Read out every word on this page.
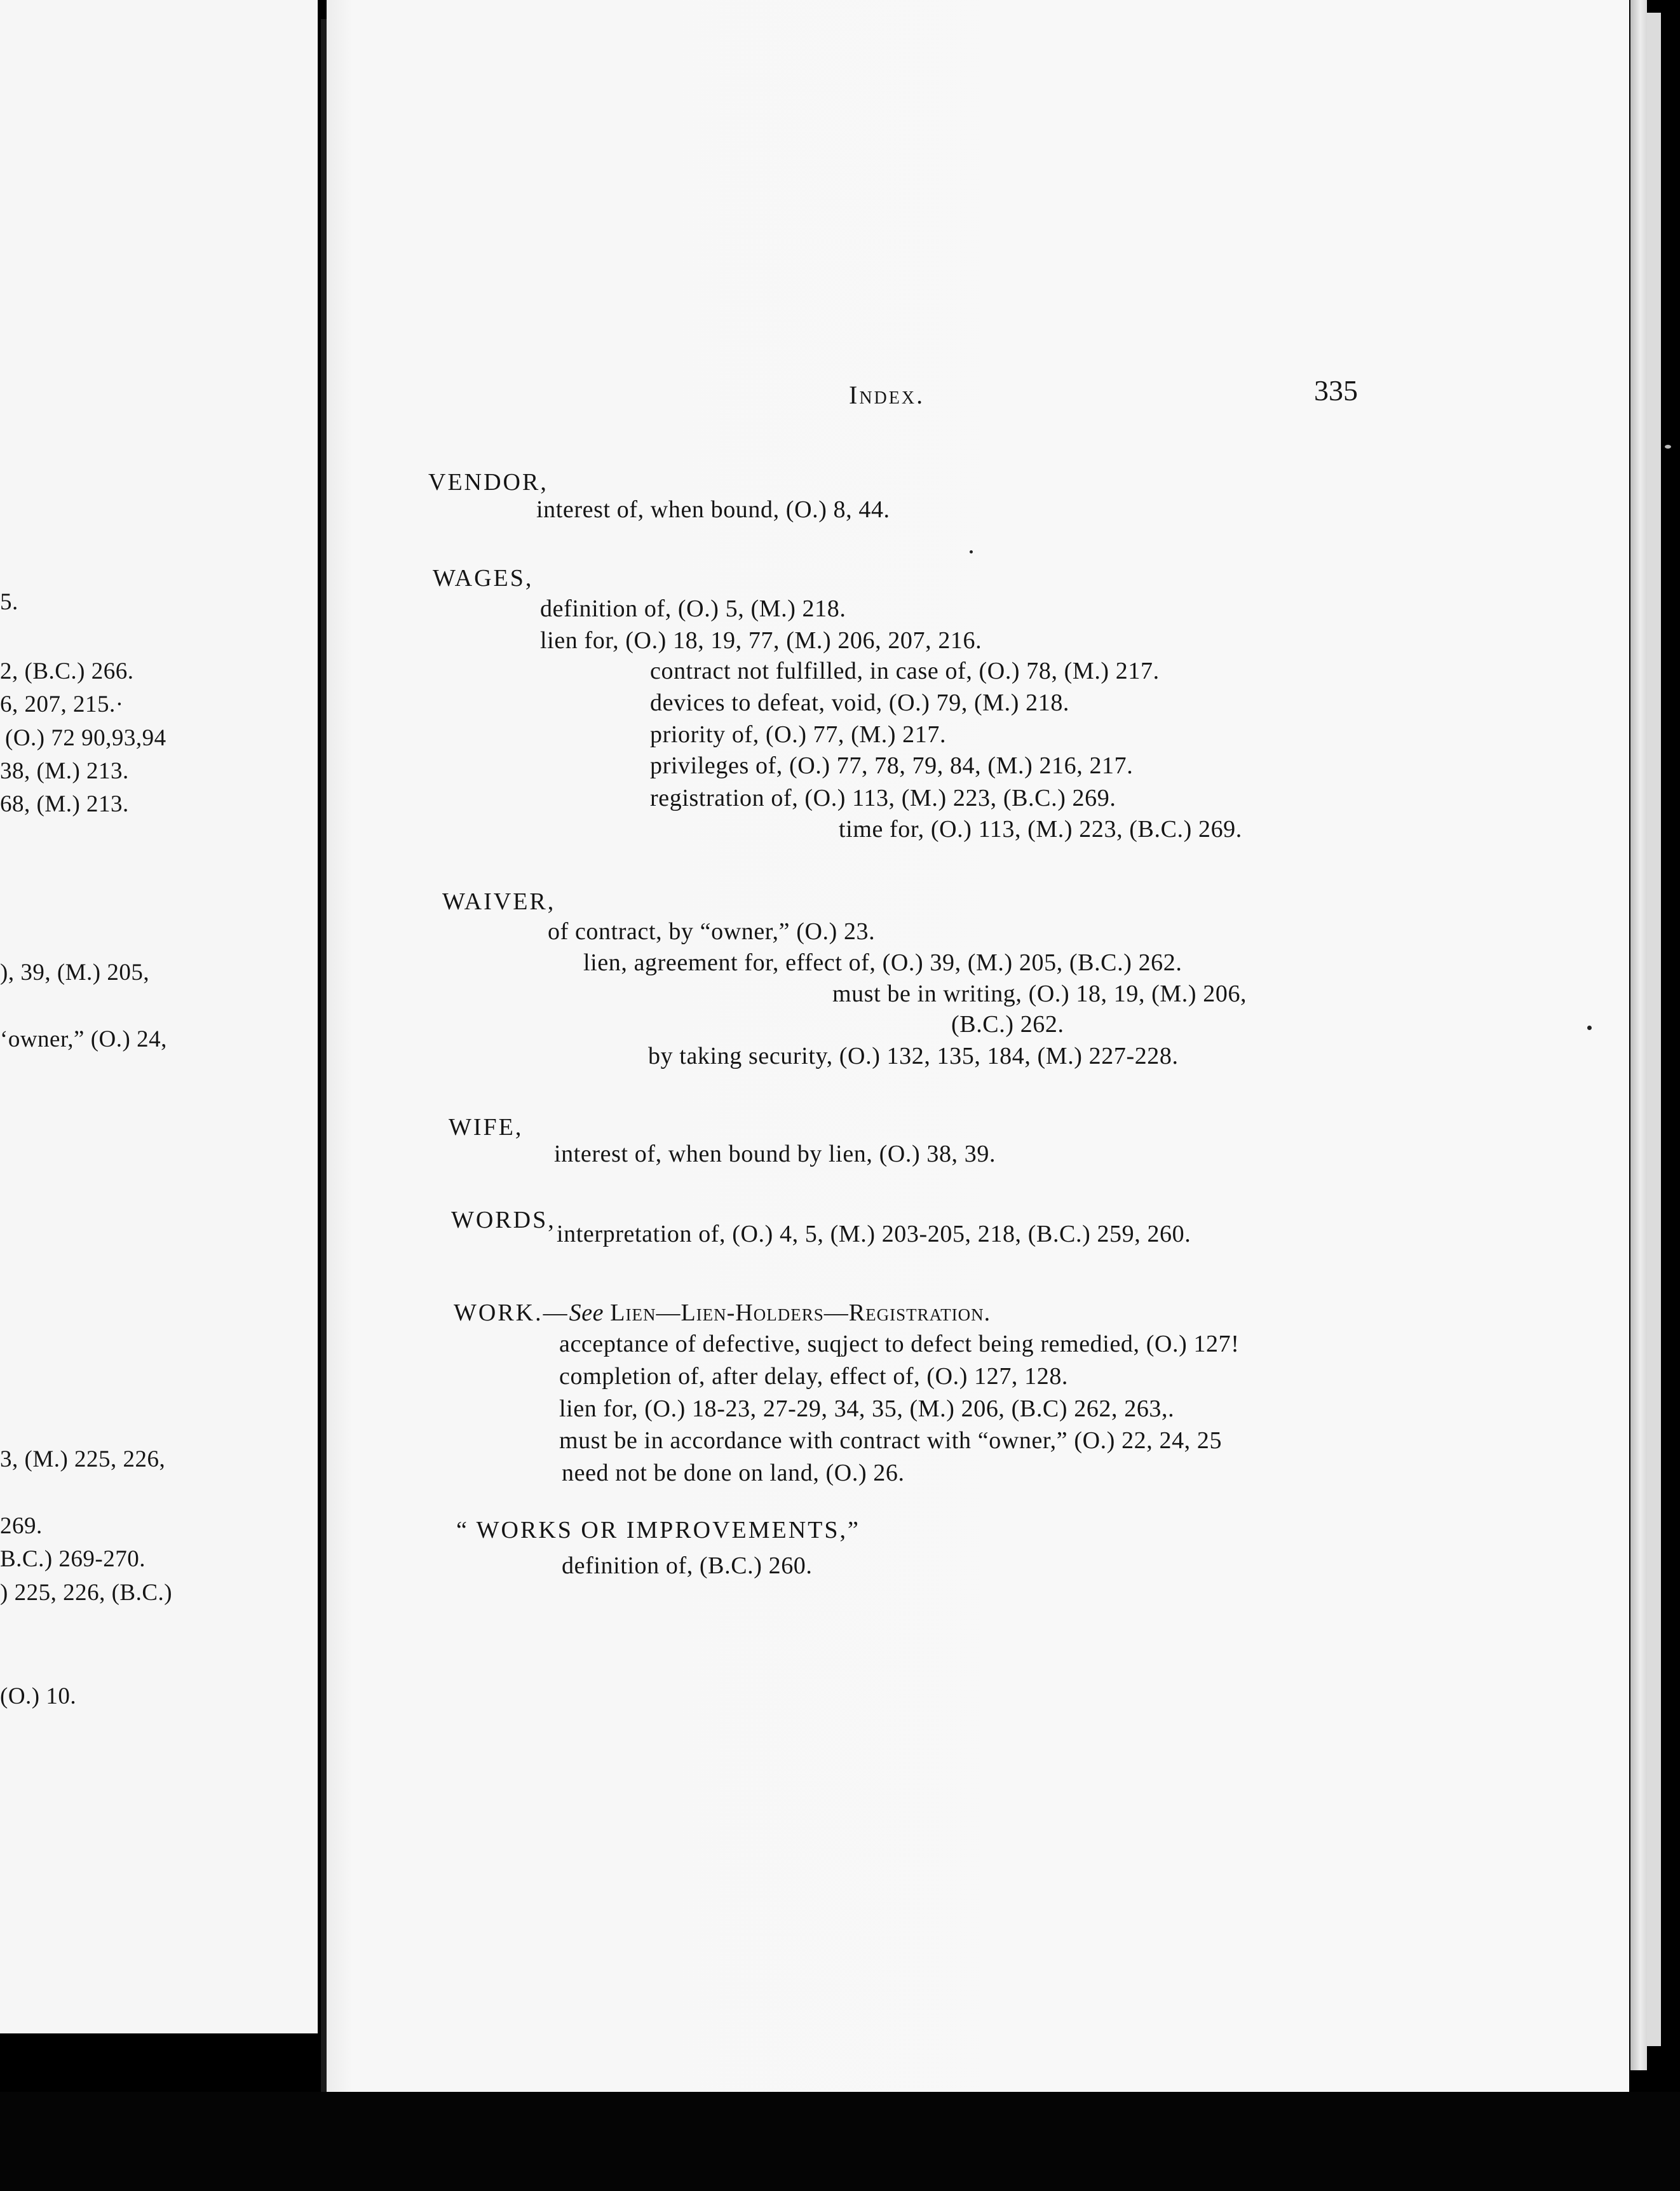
5.
2, (B.C.) 266.
6, 207, 215.·
(O.) 72 90,93,94
38, (M.) 213.
68, (M.) 213.
), 39, (M.) 205,
‘owner,” (O.) 24,
3, (M.) 225, 226,
269.
B.C.) 269-270.
) 225, 226, (B.C.)
(O.) 10.
Index.	335
VENDOR,
interest of, when bound, (O.) 8, 44.
WAGES,
definition of, (O.) 5, (M.) 218.
lien for, (O.) 18, 19, 77, (M.) 206, 207, 216.
contract not fulfilled, in case of, (O.) 78, (M.) 217.
devices to defeat, void, (O.) 79, (M.) 218.
priority of, (O.) 77, (M.) 217.
privileges of, (O.) 77, 78, 79, 84, (M.) 216, 217.
registration of, (O.) 113, (M.) 223, (B.C.) 269.
time for, (O.) 113, (M.) 223, (B.C.) 269.
WAIVER,
of contract, by “owner,” (O.) 23.
lien, agreement for, effect of, (O.) 39, (M.) 205, (B.C.) 262.
must be in writing, (O.) 18, 19, (M.) 206,
(B.C.) 262.
by taking security, (O.) 132, 135, 184, (M.) 227-228.
WIFE,
interest of, when bound by lien, (O.) 38, 39.
WORDS,
interpretation of, (O.) 4, 5, (M.) 203-205, 218, (B.C.) 259, 260.
WORK.—See Lien—Lien-Holders—Registration.
acceptance of defective, suqject to defect being remedied, (O.) 127!
completion of, after delay, effect of, (O.) 127, 128.
lien for, (O.) 18-23, 27-29, 34, 35, (M.) 206, (B.C) 262, 263,.
must be in accordance with contract with “owner,” (O.) 22, 24, 25
need not be done on land, (O.) 26.
“ WORKS OR IMPROVEMENTS,”
definition of, (B.C.) 260.
